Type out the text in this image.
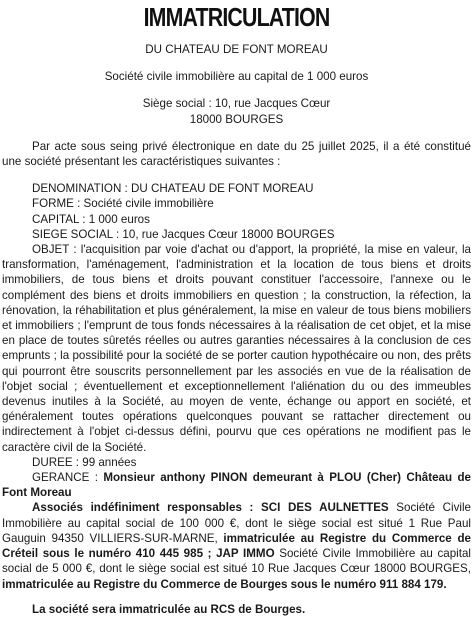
IMMATRICULATION

DU CHATEAU DE FONT MOREAU

Société civile immobilière au capital de 1 000 euros

Siège social : 10, rue Jacques Cœur

18000 BOURGES

Par acte sous seing privé électronique en date du 25 juillet 2025, il a été constitué une société présentant les caractéristiques suivantes :

DENOMINATION : DU CHATEAU DE FONT MOREAU

FORME : Société civile immobilière

CAPITAL : 1 000 euros

SIEGE SOCIAL : 10, rue Jacques Cœur 18000 BOURGES

OBJET : l'acquisition par voie d'achat ou d'apport, la propriété, la mise en valeur, la transformation, l'aménagement, l'administration et la location de tous biens et droits immobiliers, de tous biens et droits pouvant constituer l'accessoire, l'annexe ou le complément des biens et droits immobiliers en question ; la construction, la réfection, la rénovation, la réhabilitation et plus généralement, la mise en valeur de tous biens mobiliers et immobiliers ; l'emprunt de tous fonds nécessaires à la réalisation de cet objet, et la mise en place de toutes sûretés réelles ou autres garanties nécessaires à la conclusion de ces emprunts ; la possibilité pour la société de se porter caution hypothécaire ou non, des prêts qui pourront être souscrits personnellement par les associés en vue de la réalisation de l'objet social ; éventuellement et exceptionnellement l'aliénation du ou des immeubles devenus inutiles à la Société, au moyen de vente, échange ou apport en société, et généralement toutes opérations quelconques pouvant se rattacher directement ou indirectement à l'objet ci-dessus défini, pourvu que ces opérations ne modifient pas le caractère civil de la Société.

DUREE : 99 années

GERANCE : Monsieur anthony PINON demeurant à PLOU (Cher) Château de Font Moreau

Associés indéfiniment responsables : SCI DES AULNETTES Société Civile Immobilière au capital social de 100 000 €, dont le siège social est situé 1 Rue Paul Gauguin 94350 VILLIERS-SUR-MARNE, immatriculée au Registre du Commerce de Créteil sous le numéro 410 445 985 ; JAP IMMO Société Civile Immobilière au capital social de 5 000 €, dont le siège social est situé 10 Rue Jacques Cœur 18000 BOURGES, immatriculée au Registre du Commerce de Bourges sous le numéro 911 884 179.

La société sera immatriculée au RCS de Bourges.
